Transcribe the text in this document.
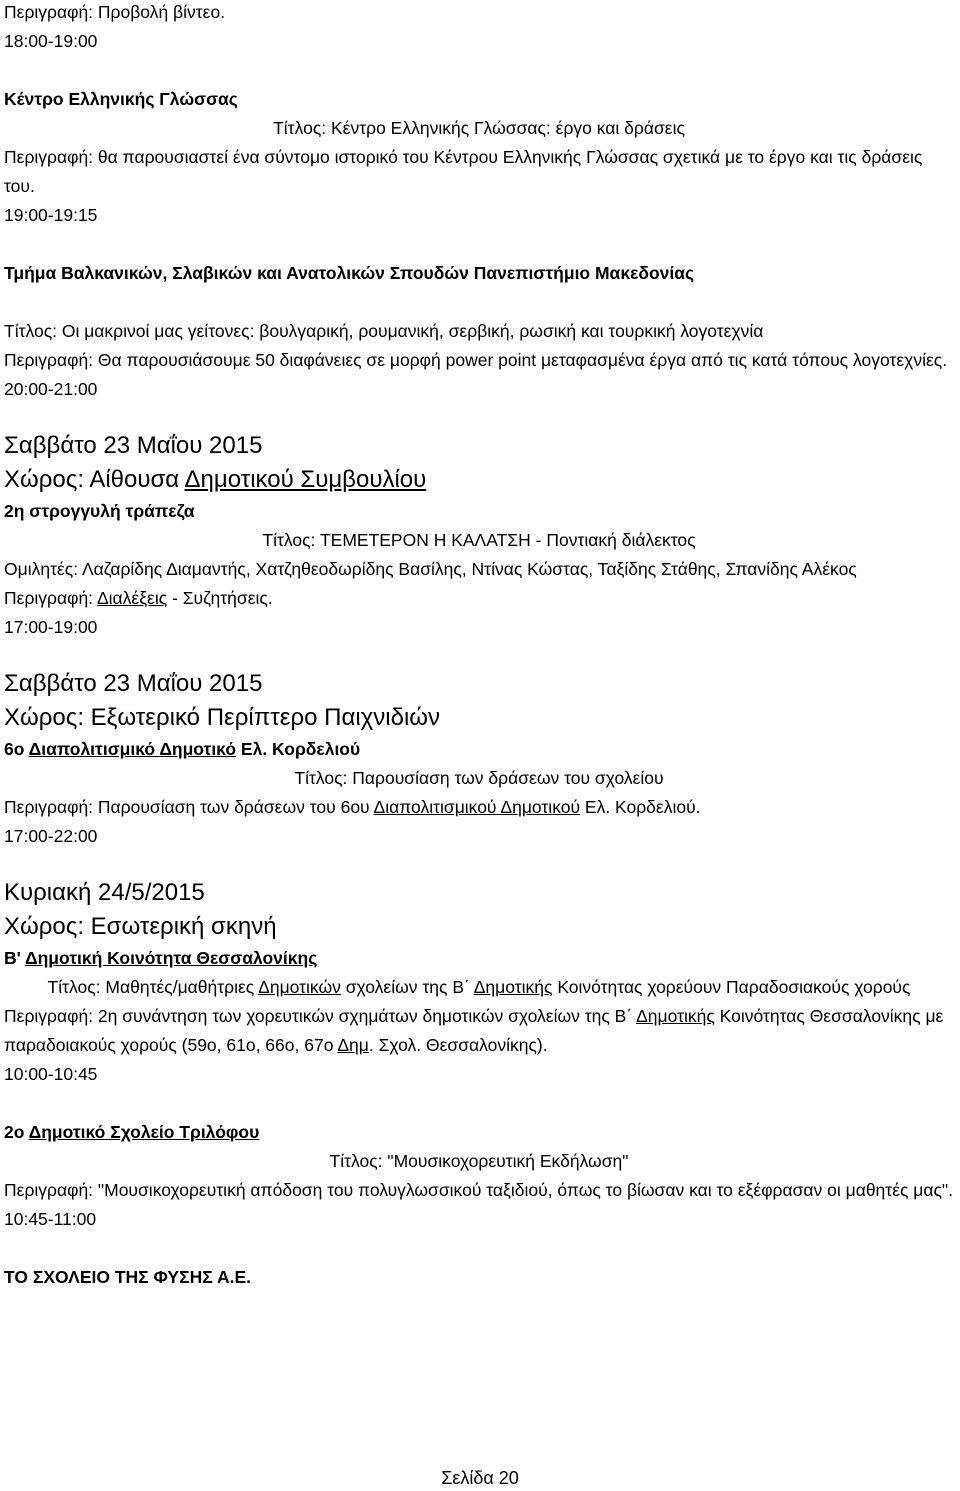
Περιγραφή: Προβολή βίντεο.
18:00-19:00
Κέντρο Ελληνικής Γλώσσας
Τίτλος: Κέντρο Ελληνικής Γλώσσας: έργο και δράσεις
Περιγραφή: θα παρουσιαστεί ένα σύντομο ιστορικό του Κέντρου Ελληνικής Γλώσσας σχετικά με το έργο και τις δράσεις του.
19:00-19:15
Τμήμα Βαλκανικών, Σλαβικών και Ανατολικών Σπουδών Πανεπιστήμιο Μακεδονίας
Τίτλος: Οι μακρινοί μας γείτονες: βουλγαρική, ρουμανική, σερβική, ρωσική και τουρκική λογοτεχνία
Περιγραφή: Θα παρουσιάσουμε 50 διαφάνειες σε μορφή power point μεταφασμένα έργα από τις κατά τόπους λογοτεχνίες.
20:00-21:00
Σαββάτο 23 Μαΐου 2015
Χώρος: Αίθουσα Δημοτικού Συμβουλίου
2η στρογγυλή τράπεζα
Τίτλος: ΤΕΜΕΤΕΡΟΝ Η ΚΑΛΑΤΣΗ - Ποντιακή διάλεκτος
Ομιλητές: Λαζαρίδης Διαμαντής, Χατζηθεοδωρίδης Βασίλης, Ντίνας Κώστας, Ταξίδης Στάθης, Σπανίδης Αλέκος
Περιγραφή: Διαλέξεις - Συζητήσεις.
17:00-19:00
Σαββάτο 23 Μαΐου 2015
Χώρος: Εξωτερικό Περίπτερο Παιχνιδιών
6ο Διαπολιτισμικό Δημοτικό Ελ. Κορδελιού
Τίτλος: Παρουσίαση των δράσεων του σχολείου
Περιγραφή: Παρουσίαση των δράσεων του 6ου Διαπολιτισμικού Δημοτικού Ελ. Κορδελιού.
17:00-22:00
Κυριακή 24/5/2015
Χώρος: Εσωτερική σκηνή
Β' Δημοτική Κοινότητα Θεσσαλονίκης
Τίτλος: Μαθητές/μαθήτριες Δημοτικών σχολείων της Β΄ Δημοτικής Κοινότητας χορεύουν Παραδοσιακούς χορούς
Περιγραφή: 2η συνάντηση των χορευτικών σχημάτων δημοτικών σχολείων της Β΄ Δημοτικής Κοινότητας Θεσσαλονίκης με παραδοιακούς χορούς (59ο, 61ο, 66ο, 67ο Δημ. Σχολ. Θεσσαλονίκης).
10:00-10:45
2ο Δημοτικό Σχολείο Τριλόφου
Τίτλος: "Μουσικοχορευτική Εκδήλωση"
Περιγραφή: "Μουσικοχορευτική απόδοση του πολυγλωσσικού ταξιδιού, όπως το βίωσαν και το εξέφρασαν οι μαθητές μας".
10:45-11:00
ΤΟ ΣΧΟΛΕΙΟ ΤΗΣ ΦΥΣΗΣ Α.Ε.
Σελίδα 20
